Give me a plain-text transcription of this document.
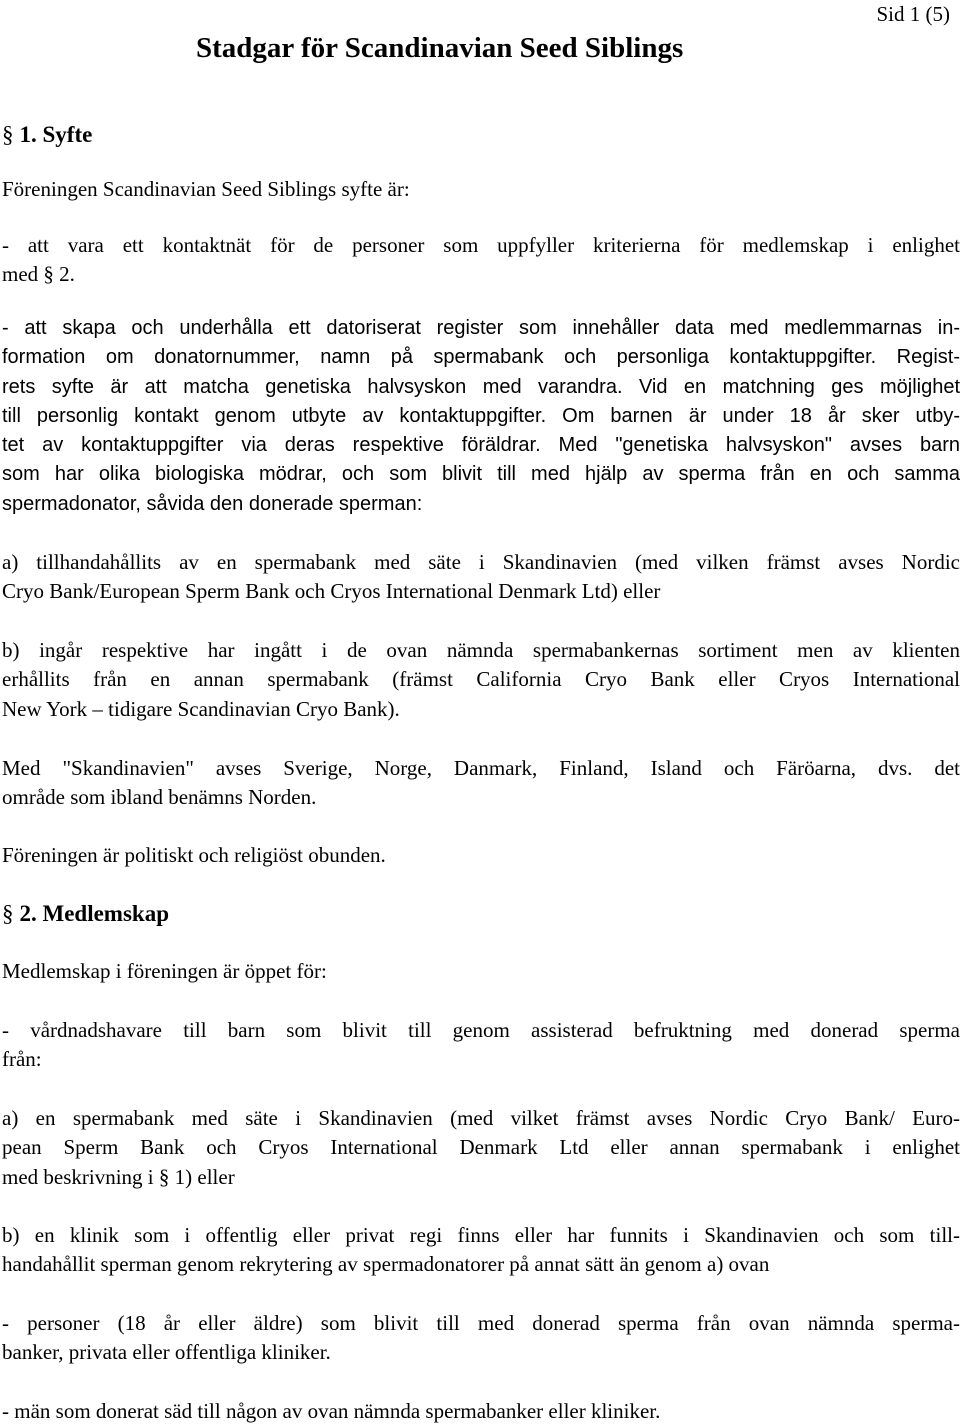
Sid 1 (5)
Stadgar för Scandinavian Seed Siblings
§ 1. Syfte

Föreningen Scandinavian Seed Siblings syfte är:

- att vara ett kontaktnät för de personer som uppfyller kriterierna för medlemskap i enlighet
med § 2.

- att skapa och underhålla ett datoriserat register som innehåller data med medlemmarnas in-
formation om donatornummer, namn på spermabank och personliga kontaktuppgifter. Regist-
rets syfte är att matcha genetiska halvsyskon med varandra. Vid en matchning ges möjlighet
till personlig kontakt genom utbyte av kontaktuppgifter. Om barnen är under 18 år sker utby-
tet av kontaktuppgifter via deras respektive föräldrar. Med "genetiska halvsyskon" avses barn
som har olika biologiska mödrar, och som blivit till med hjälp av sperma från en och samma
spermadonator, såvida den donerade sperman:

a) tillhandahållits av en spermabank med säte i Skandinavien (med vilken främst avses Nordic
Cryo Bank/European Sperm Bank och Cryos International Denmark Ltd) eller

b) ingår respektive har ingått i de ovan nämnda spermabankernas sortiment men av klienten
erhållits från en annan spermabank (främst California Cryo Bank eller Cryos International
New York – tidigare Scandinavian Cryo Bank).

Med "Skandinavien" avses Sverige, Norge, Danmark, Finland, Island och Färöarna, dvs. det
område som ibland benämns Norden.

Föreningen är politiskt och religiöst obunden.

§ 2. Medlemskap

Medlemskap i föreningen är öppet för:

- vårdnadshavare till barn som blivit till genom assisterad befruktning med donerad sperma
från:

a) en spermabank med säte i Skandinavien (med vilket främst avses Nordic Cryo Bank/ Euro-
pean Sperm Bank och Cryos International Denmark Ltd eller annan spermabank i enlighet
med beskrivning i § 1) eller

b) en klinik som i offentlig eller privat regi finns eller har funnits i Skandinavien och som till-
handahållit sperman genom rekrytering av spermadonatorer på annat sätt än genom a) ovan

- personer (18 år eller äldre) som blivit till med donerad sperma från ovan nämnda sperma-
banker, privata eller offentliga kliniker.

- män som donerat säd till någon av ovan nämnda spermabanker eller kliniker.
